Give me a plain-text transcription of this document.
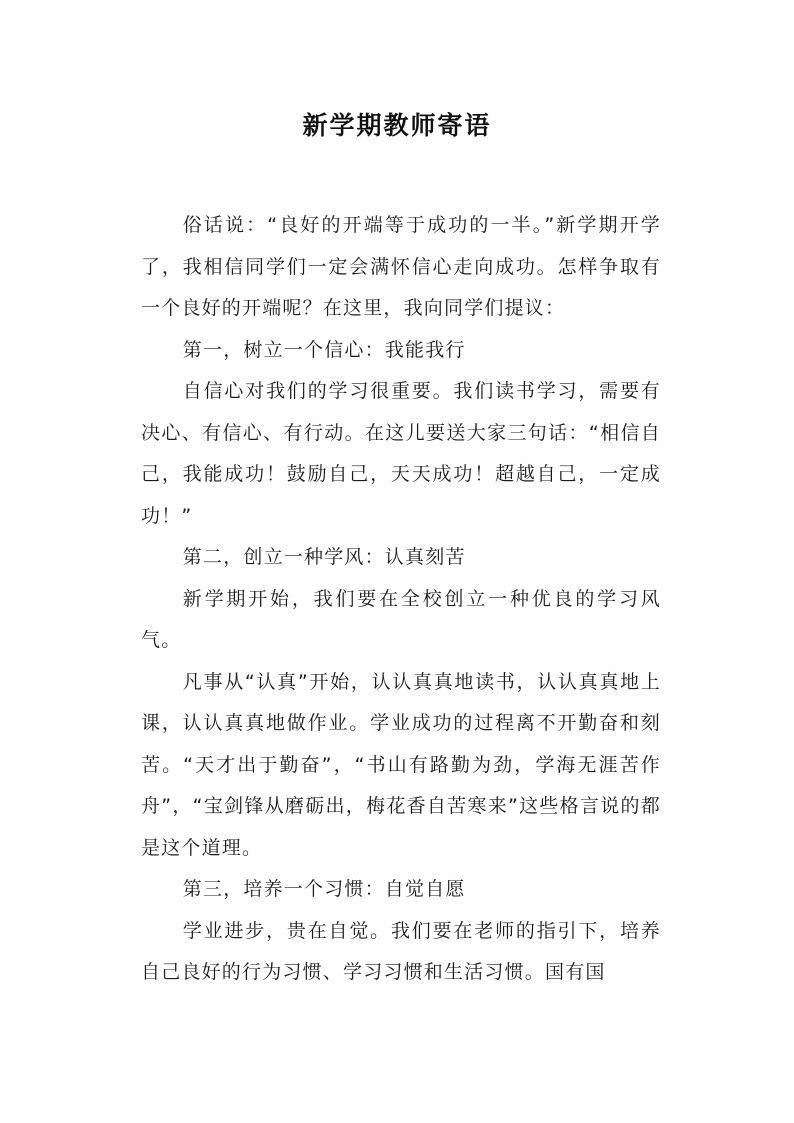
新学期教师寄语

俗话说：“良好的开端等于成功的一半。”新学期开学了，我相信同学们一定会满怀信心走向成功。怎样争取有一个良好的开端呢？在这里，我向同学们提议：

第一，树立一个信心：我能我行

自信心对我们的学习很重要。我们读书学习，需要有决心、有信心、有行动。在这儿要送大家三句话：“相信自己，我能成功！鼓励自己，天天成功！超越自己，一定成功！”

第二，创立一种学风：认真刻苦

新学期开始，我们要在全校创立一种优良的学习风气。

凡事从“认真”开始，认认真真地读书，认认真真地上课，认认真真地做作业。学业成功的过程离不开勤奋和刻苦。“天才出于勤奋”，“书山有路勤为劲，学海无涯苦作舟”，“宝剑锋从磨砺出，梅花香自苦寒来”这些格言说的都是这个道理。

第三，培养一个习惯：自觉自愿

学业进步，贵在自觉。我们要在老师的指引下，培养自己良好的行为习惯、学习习惯和生活习惯。国有国
